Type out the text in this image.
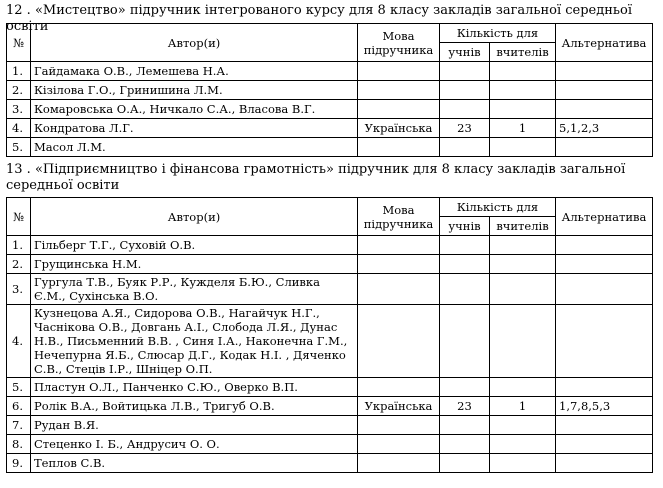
12 . «Мистецтво» підручник інтегрованого курсу для 8 класу закладів загальної середньої освіти
№	Автор(и)	Мова підручника	Кількість для		Альтернатива
			учнів	вчителів	
1.	Гайдамака О.В., Лемешева Н.А.				
2.	Кізілова Г.О., Гринишина Л.М.				
3.	Комаровська О.А., Ничкало С.А., Власова В.Г.				
4.	Кондратова Л.Г.	Українська	23	1	5,1,2,3
5.	Масол Л.М.				
13 . «Підприємництво і фінансова грамотність» підручник для 8 класу закладів загальної середньої освіти
№	Автор(и)	Мова підручника	Кількість для		Альтернатива
			учнів	вчителів	
1.	Гільберг Т.Г., Суховій О.В.				
2.	Грущинська Н.М.				
3.	Гургула Т.В., Буяк Р.Р., Кужделя Б.Ю., Сливка Є.М., Сухінська В.О.				
4.	Кузнецова А.Я., Сидорова О.В., Нагайчук Н.Г., Часнікова О.В., Довгань А.І., Слобода Л.Я., Дунас Н.В., Письменний В.В. , Синя І.А., Наконечна Г.М., Нечепурна Я.Б., Слюсар Д.Г., Кодак Н.І. , Дяченко С.В., Стеців І.Р., Шніцер О.П.				
5.	Пластун О.Л., Панченко С.Ю., Оверко В.П.				
6.	Ролік В.А., Войтицька Л.В., Тригуб О.В.	Українська	23	1	1,7,8,5,3
7.	Рудан В.Я.				
8.	Стеценко І. Б., Андрусич О. О.				
9.	Теплов С.В.				
